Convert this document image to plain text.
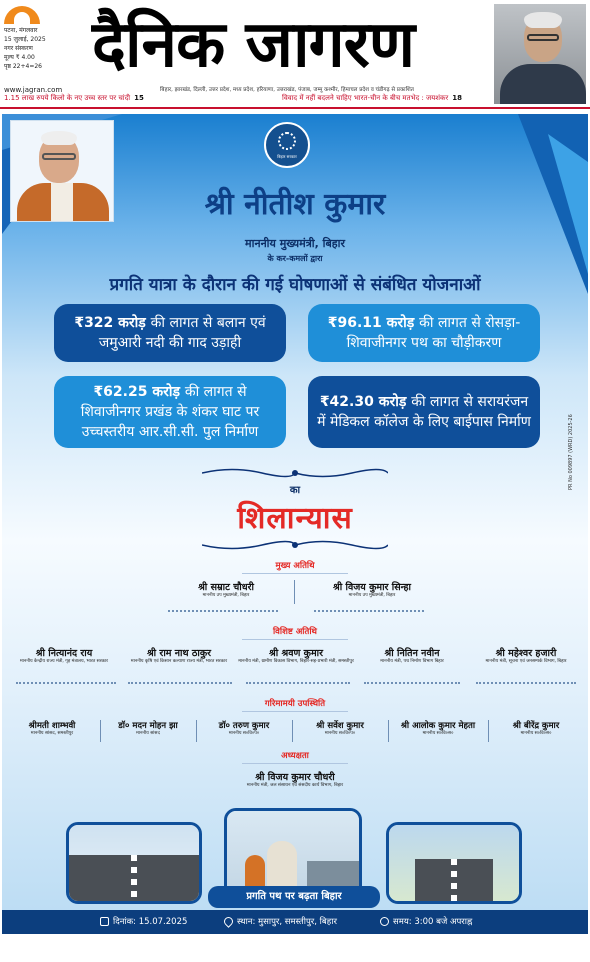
पटना, मंगलवार
15 जुलाई, 2025
नगर संस्करण
मूल्य ₹ 4.00
पृष्ठ 22+4=26 दैनिक जागरण
www.jagran.com	बिहार, झारखंड, दिल्ली, उत्तर प्रदेश, मध्य प्रदेश, हरियाणा, उत्तराखंड, पंजाब, जम्मू कश्मीर, हिमाचल प्रदेश व चंडीगढ़ से प्रकाशित
1.15 लाख रुपये किलो के नए उच्च स्तर पर चांदी 15	विवाद में नहीं बदलने चाहिए भारत-चीन के बीच मतभेद : जयशंकर 18
बिहार सरकार
श्री नीतीश कुमार
माननीय मुख्यमंत्री, बिहार
के कर-कमलों द्वारा
प्रगति यात्रा के दौरान की गई घोषणाओं से संबंधित योजनाओं
₹322 करोड़ की लागत से बलान एवं जमुआरी नदी की गाद उड़ाही
₹96.11 करोड़ की लागत से रोसड़ा-शिवाजीनगर पथ का चौड़ीकरण
₹62.25 करोड़ की लागत से शिवाजीनगर प्रखंड के शंकर घाट पर उच्चस्तरीय आर.सी.सी. पुल निर्माण
₹42.30 करोड़ की लागत से सरायरंजन में मेडिकल कॉलेज के लिए बाईपास निर्माण
का
शिलान्यास
PR No 009897 (WRD) 2025-26
मुख्य अतिथि
श्री सम्राट चौधरी
माननीय उप मुख्यमंत्री, बिहार
श्री विजय कुमार सिन्हा
माननीय उप मुख्यमंत्री, बिहार
विशिष्ट अतिथि
श्री नित्यानंद राय
माननीय केन्द्रीय राज्य मंत्री, गृह मंत्रालय, भारत सरकार
श्री राम नाथ ठाकुर
माननीय कृषि एवं किसान कल्याण राज्य मंत्री, भारत सरकार
श्री श्रवण कुमार
माननीय मंत्री, ग्रामीण विकास विभाग, बिहार-सह-प्रभारी मंत्री, समस्तीपुर
श्री नितिन नवीन
माननीय मंत्री, पथ निर्माण विभाग बिहार
श्री महेश्वर हजारी
माननीय मंत्री, सूचना एवं जनसम्पर्क विभाग, बिहार
गरिमामयी उपस्थिति
श्रीमती शाम्भवी
माननीय सांसद, समस्तीपुर
डॉ० मदन मोहन झा
माननीय सांसद
डॉ० तरुण कुमार
माननीय स०वि०प०
श्री सर्वेश कुमार
माननीय स०वि०प०
श्री आलोक कुमार मेहता
माननीय स०वि०स०
श्री बीरेंद्र कुमार
माननीय स०वि०स०
अध्यक्षता
श्री विजय कुमार चौधरी
माननीय मंत्री, जल संसाधन एवं संसदीय कार्य विभाग, बिहार
प्रगति पथ पर बढ़ता बिहार
दिनांक: 15.07.2025	स्थान: मुसापुर, समस्तीपुर, बिहार	समय: 3:00 बजे अपराह्न
